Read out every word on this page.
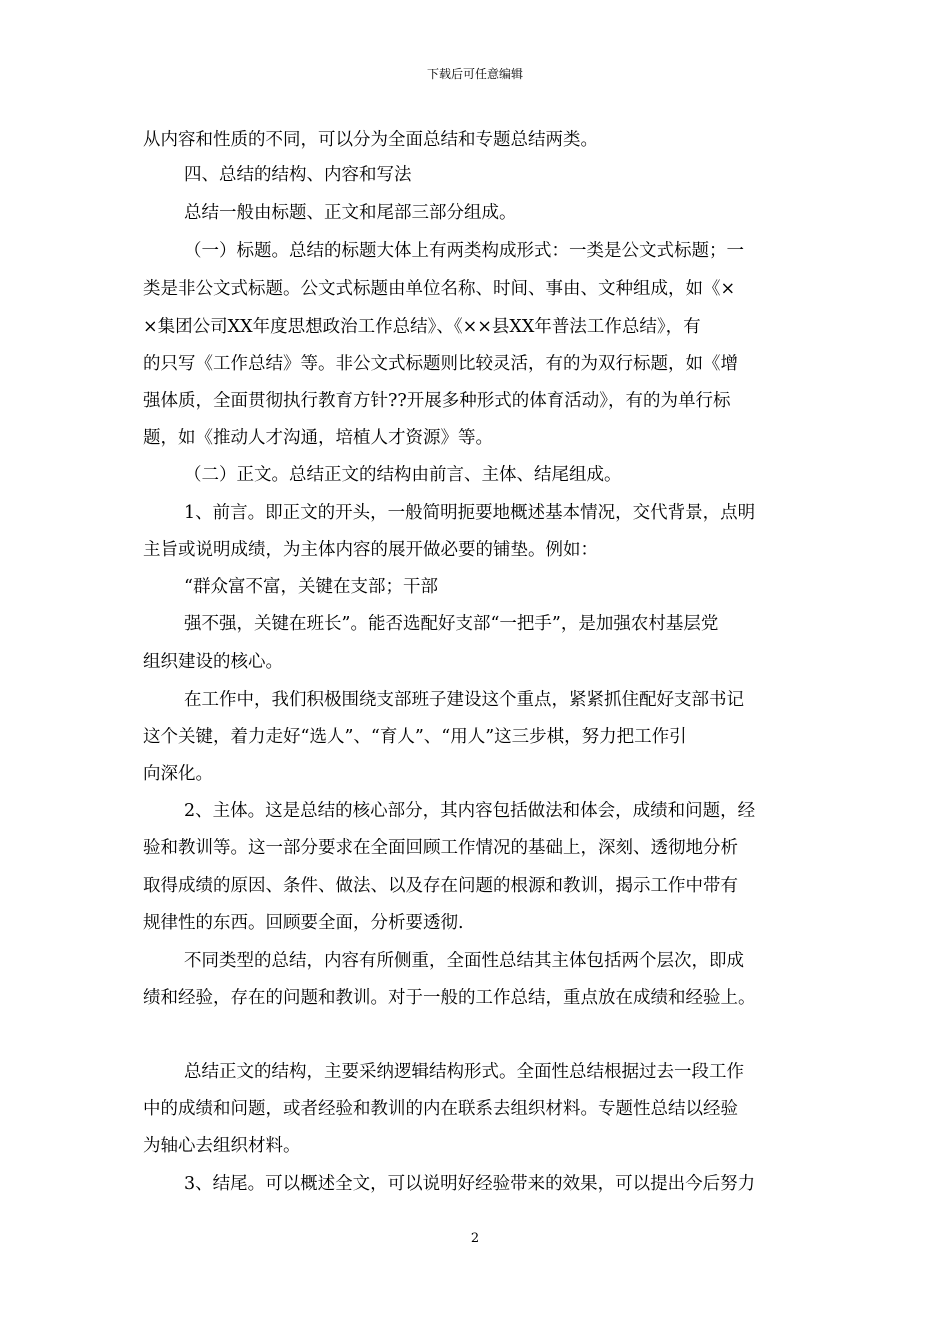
下载后可任意编辑
从内容和性质的不同，可以分为全面总结和专题总结两类。
四、总结的结构、内容和写法
总结一般由标题、正文和尾部三部分组成。
（一）标题。总结的标题大体上有两类构成形式：一类是公文式标题；一
类是非公文式标题。公文式标题由单位名称、时间、事由、文种组成，如《×
×集团公司XX年度思想政治工作总结》、《××县XX年普法工作总结》，有
的只写《工作总结》等。非公文式标题则比较灵活，有的为双行标题，如《增
强体质，全面贯彻执行教育方针??开展多种形式的体育活动》，有的为单行标
题，如《推动人才沟通，培植人才资源》等。
（二）正文。总结正文的结构由前言、主体、结尾组成。
1、前言。即正文的开头，一般简明扼要地概述基本情况，交代背景，点明
主旨或说明成绩，为主体内容的展开做必要的铺垫。例如：
“群众富不富，关键在支部；干部
强不强，关键在班长”。能否选配好支部“一把手”，是加强农村基层党
组织建设的核心。
在工作中，我们积极围绕支部班子建设这个重点，紧紧抓住配好支部书记
这个关键，着力走好“选人”、“育人”、“用人”这三步棋，努力把工作引
向深化。
2、主体。这是总结的核心部分，其内容包括做法和体会，成绩和问题，经
验和教训等。这一部分要求在全面回顾工作情况的基础上，深刻、透彻地分析
取得成绩的原因、条件、做法、以及存在问题的根源和教训，揭示工作中带有
规律性的东西。回顾要全面，分析要透彻.
不同类型的总结，内容有所侧重，全面性总结其主体包括两个层次，即成
绩和经验，存在的问题和教训。对于一般的工作总结，重点放在成绩和经验上。
总结正文的结构，主要采纳逻辑结构形式。全面性总结根据过去一段工作
中的成绩和问题，或者经验和教训的内在联系去组织材料。专题性总结以经验
为轴心去组织材料。
3、结尾。可以概述全文，可以说明好经验带来的效果，可以提出今后努力
2
